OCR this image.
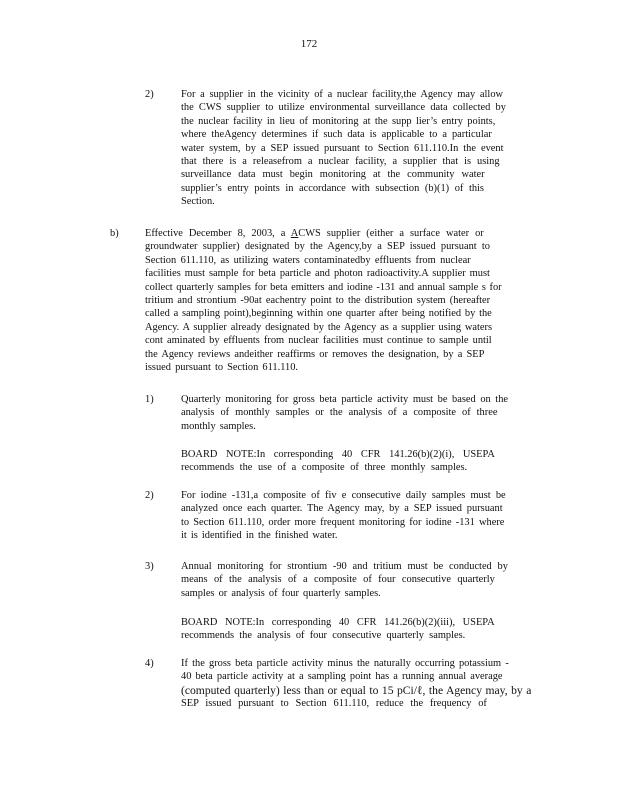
172
2)	For a supplier in the vicinity of a nuclear facility,the Agency may allow
the CWS supplier to utilize environmental surveillance data collected by
the nuclear facility in lieu of monitoring at the supp lier’s entry points,
where theAgency determines if such data is applicable to a particular
water system, by a SEP issued pursuant to Section 611.110.In the event
that there is a releasefrom a nuclear facility, a supplier that is using
surveillance data must begin monitoring at the community water
supplier’s entry points in accordance with subsection (b)(1) of this
Section.
b)	Effective December 8, 2003, a ACWS supplier (either a surface water or
groundwater supplier) designated by the Agency,by a SEP issued pursuant to
Section 611.110, as utilizing waters contaminatedby effluents from nuclear
facilities must sample for beta particle and photon radioactivity.A supplier must
collect quarterly samples for beta emitters and iodine -131 and annual sample s for
tritium and strontium -90at eachentry point to the distribution system (hereafter
called a sampling point),beginning within one quarter after being notified by the
Agency. A supplier already designated by the Agency as a supplier using waters
cont aminated by effluents from nuclear facilities must continue to sample until
the Agency reviews andeither reaffirms or removes the designation, by a SEP
issued pursuant to Section 611.110.
1)	Quarterly monitoring for gross beta particle activity must be based on the
analysis of monthly samples or the analysis of a composite of three
monthly samples.
BOARD NOTE:In corresponding 40 CFR 141.26(b)(2)(i), USEPA
recommends the use of a composite of three monthly samples.
2)	For iodine -131,a composite of fiv e consecutive daily samples must be
analyzed once each quarter. The Agency may, by a SEP issued pursuant
to Section 611.110, order more frequent monitoring for iodine -131 where
it is identified in the finished water.
3)	Annual monitoring for strontium -90 and tritium must be conducted by
means of the analysis of a composite of four consecutive quarterly
samples or analysis of four quarterly samples.
BOARD NOTE:In corresponding 40 CFR 141.26(b)(2)(iii), USEPA
recommends the analysis of four consecutive quarterly samples.
4)	If the gross beta particle activity minus the naturally occurring potassium -
40 beta particle activity at a sampling point has a running annual average
(computed quarterly) less than or equal to 15 pCi/ℓ, the Agency may, by a
SEP issued pursuant to Section 611.110, reduce the frequency of
